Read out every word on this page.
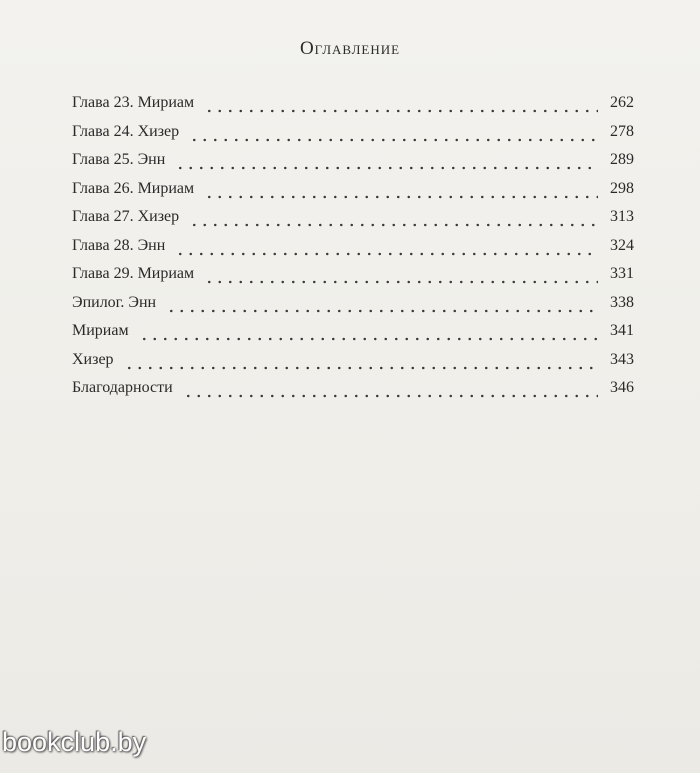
Оглавление
Глава 23. Мириам	262
Глава 24. Хизер	278
Глава 25. Энн	289
Глава 26. Мириам	298
Глава 27. Хизер	313
Глава 28. Энн	324
Глава 29. Мириам	331
Эпилог. Энн	338
Мириам	341
Хизер	343
Благодарности	346
bookclub.by
